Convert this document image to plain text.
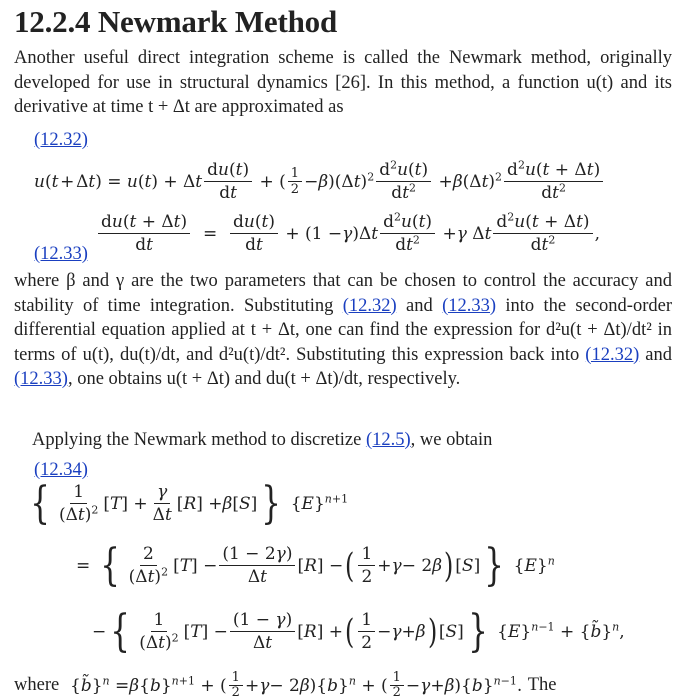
12.2.4 Newmark Method

Another useful direct integration scheme is called the Newmark method, originally developed for use in structural dynamics [26]. In this method, a function u(t) and its derivative at time t + Δt are approximated as

(12.32)
u ( t  + Δ t ) = u ( t ) + Δ t $\frac{du(t)}{dt}$ + ( $\frac{1}{2} - \beta$ )(Δ t )$^2 \frac{d^2u(t)}{dt^2} + \beta$ (Δ t )$^2 \frac{d^2u(t + \Delta t)}{dt^2}$
$\frac{du(t + \Delta t)}{dt} = \frac{du(t)}{dt} + (1 - \gamma$ )Δ t $\frac{d^2u(t)}{dt^2} + \gamma$ Δ t $\frac{d^2u(t + \Delta t)}{dt^2}$ ,
(12.33)

where β and γ are the two parameters that can be chosen to control the accuracy and stability of time integration. Substituting (12.32) and (12.33) into the second-order differential equation applied at t + Δt, one can find the expression for d²u(t + Δt)/dt² in terms of u(t), du(t)/dt, and d²u(t)/dt². Substituting this expression back into (12.32) and (12.33), one obtains u(t + Δt) and du(t + Δt)/dt, respectively.

Applying the Newmark method to discretize (12.5), we obtain

(12.34)
{ $\frac{1}{(\Delta t)^2}$ [ T ] + $\frac{\gamma}{\Delta t}$ [ R ] + β [ S ] } { E }$^{n+1}$
= { $\frac{2}{(\Delta t)^2}$ [ T ] − $\frac{(1 - 2\gamma)}{\Delta t}$ [ R ] − ( $\frac{1}{2} + \gamma - 2$ β ) [ S ] } { E }$^n$
− { $\frac{1}{(\Delta t)^2}$ [ T ] − $\frac{(1 - \gamma)}{\Delta t}$ [ R ] + ( $\frac{1}{2} - \gamma + \beta$ ) [ S ] } { E }$^{n-1}$ + { b̃ }$^n$,
where { b̃ }$^n$ = β { b }$^{n+1}$ + ( $\frac{1}{2} + \gamma - 2$ β ){ b }$^n$ + ( $\frac{1}{2} - \gamma + \beta$ ){ b }$^{n-1}$. The
